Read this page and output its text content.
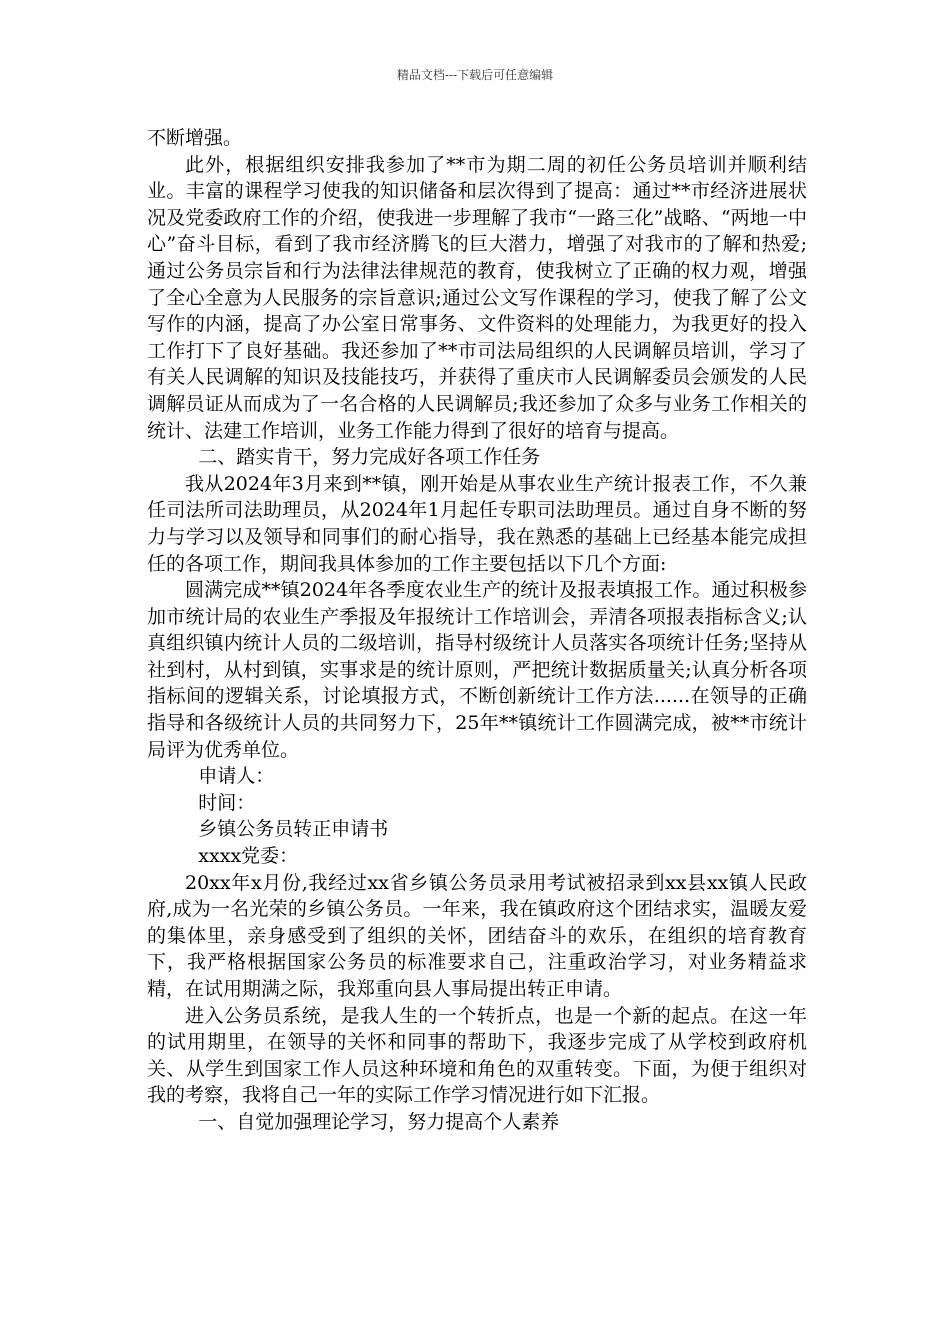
精品文档---下载后可任意编辑

不断增强。

此外，根据组织安排我参加了**市为期二周的初任公务员培训并顺利结业。丰富的课程学习使我的知识储备和层次得到了提高：通过**市经济进展状况及党委政府工作的介绍，使我进一步理解了我市“一路三化”战略、“两地一中心”奋斗目标，看到了我市经济腾飞的巨大潜力，增强了对我市的了解和热爱;通过公务员宗旨和行为法律法律规范的教育，使我树立了正确的权力观，增强了全心全意为人民服务的宗旨意识;通过公文写作课程的学习，使我了解了公文写作的内涵，提高了办公室日常事务、文件资料的处理能力，为我更好的投入工作打下了良好基础。我还参加了**市司法局组织的人民调解员培训，学习了有关人民调解的知识及技能技巧，并获得了重庆市人民调解委员会颁发的人民调解员证从而成为了一名合格的人民调解员;我还参加了众多与业务工作相关的统计、法建工作培训，业务工作能力得到了很好的培育与提高。

二、踏实肯干，努力完成好各项工作任务

我从2024年3月来到**镇，刚开始是从事农业生产统计报表工作，不久兼任司法所司法助理员，从2024年1月起任专职司法助理员。通过自身不断的努力与学习以及领导和同事们的耐心指导，我在熟悉的基础上已经基本能完成担任的各项工作，期间我具体参加的工作主要包括以下几个方面:

圆满完成**镇2024年各季度农业生产的统计及报表填报工作。通过积极参加市统计局的农业生产季报及年报统计工作培训会，弄清各项报表指标含义;认真组织镇内统计人员的二级培训，指导村级统计人员落实各项统计任务;坚持从社到村，从村到镇，实事求是的统计原则，严把统计数据质量关;认真分析各项指标间的逻辑关系，讨论填报方式，不断创新统计工作方法......在领导的正确指导和各级统计人员的共同努力下，25年**镇统计工作圆满完成，被**市统计局评为优秀单位。

申请人：

时间：

乡镇公务员转正申请书

xxxx党委：

20xx年x月份,我经过xx省乡镇公务员录用考试被招录到xx县xx镇人民政府,成为一名光荣的乡镇公务员。一年来，我在镇政府这个团结求实，温暖友爱的集体里，亲身感受到了组织的关怀，团结奋斗的欢乐，在组织的培育教育下，我严格根据国家公务员的标准要求自己，注重政治学习，对业务精益求精，在试用期满之际，我郑重向县人事局提出转正申请。

进入公务员系统，是我人生的一个转折点，也是一个新的起点。在这一年的试用期里，在领导的关怀和同事的帮助下，我逐步完成了从学校到政府机关、从学生到国家工作人员这种环境和角色的双重转变。下面，为便于组织对我的考察，我将自己一年的实际工作学习情况进行如下汇报。

一、自觉加强理论学习，努力提高个人素养
